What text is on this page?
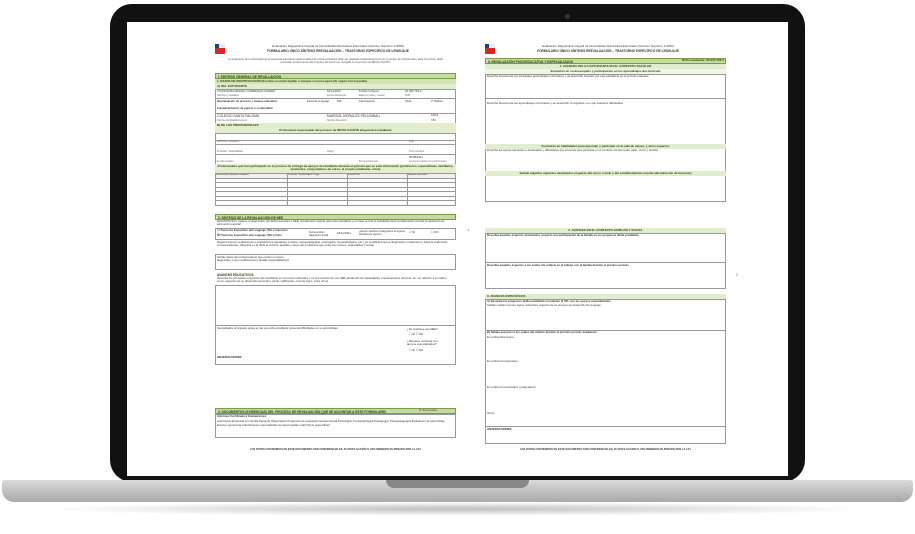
Evaluación Diagnóstica Integral de Necesidades Educativas Especiales (Decreto Supremo 170/09)
FORMULARIO ÚNICO SÍNTESIS REEVALUACIÓN – TRASTORNO ESPECÍFICO DE LENGUAJE
La evaluación de la efectividad de la respuesta educativa implementada para este/a estudiante debe ser realizada colaborativamente por el equipo de profesionales. Este formulario, debe consolidar la información del progreso del alumno/a, recogida en el proceso de REVALUACIÓN.
I. SÍNTESIS GENERAL DE REVALUACIÓN
1. DATOS DE IDENTIFICACIÓN (Escriba con letra legible o marque con una equis (X) según corresponda)
A) DEL ESTUDIANTE
CONSTANZA ARACELI CÁRDENAS LUCERO	16/11/2016	5 Años 5 Meses	26.255.763-0
Nombres y Apellidos	Fecha nacimiento	Edad (en años y meses)	RUN
Reevaluación de proceso o avance educativo	Escuela Lenguaje	PIE	Participación	2024	2° Básico
Fundamentación de egreso o continuidad
COLEGIO SANTA PALOMA	MARISOL MORALES PELUSINAU	100-8
Nombre del Establecimiento	Nombre Director/a	RBD
B) DE LOS PROFESIONALES
Profesional responsable del proceso de REVALUACIÓN integral del estudiante
Nombres y Apellidos	RUN
Profesión / Especialidad	Cargo	Fono contacto
05/08/2021
E-mail contacto	Firma profesional	Fecha de registro de la información
Profesionales que han participado en el proceso de entrega de apoyos al estudiante durante el período que se está informando (profesores, especialistas, familiares, asistentes, cooperadores de curso, el propio estudiante, otros)
Profesionales (Nombre completo)	Profesión / Especialidad / Cargo	Fono/E mail	Registro profesional

2. SÍNTESIS DE LA REVALUACIÓN DE NEE
DIAGNÓSTICO: Indique el diagnóstico del déficit asociado a NEE, actualmente vigente para este estudiante y en base al cual el estudiante tiene la adecuación escolar la asistencia de educación especial
☐ Trastorno Específico del Lenguaje (TEL) expresivo
☒ Trastorno Específico del Lenguaje (TEL) mixto
Fecha emisión diagnóstico actual
18/11/2021	¿Existen cambios al diagnóstico de ingreso actualmente vigente?
☐ SÍ	☐ NO
Registre breves evaluaciones o evaluaciones relevantes (médica, psicopedagógica, psicológica, fonoaudiológica, etc.) y/o modificaciones al diagnóstico o tratamiento. Adjunte evidencias correspondientes. (Registre en la tabla el nombre, apellido y cargo del profesional que emite los mismos, especialidad y fecha)
Señale datos del profesional(es) que emite/n el nuevo diagnóstico o sus modificaciones (detalle especialidad/es)
AVANCES EDUCATIVOS
Describa los principales progresos del estudiante en el proceso educativo y en la evolución de sus NEE (desarrollo de capacidades, reevaluaciones técnicas, etc. en relación a su edad y curso, aspectos de su desarrollo personal y social, calificación, nivel de logro, entre otros)
Necesidades principales áreas en las que el/la estudiante presenta dificultades en su aprendizaje	¿Se mantiene sus NEE?
☐ SÍ ☐ NO
¿Requiere continuar con apoyos especializados?
☐ SÍ ☐ NO
OBSERVACIONES:
3. DOCUMENTOS (EVIDENCIAS) DEL PROCESO DE REVALUACIÓN QUE SE ADJUNTAN A ESTE FORMULARIO	N° documentos
Informes/ Certificados/ Evaluaciones:
Anamnesis Entrevista con familia Pauta de Observación Protocolos de evaluación Escolar Social Psicológico Fonoaudiológica Pedagógico Psicopedagógica Evaluación de aprendizaje Examen general de salud Examen especializado de salud (señale cuál) Otro/s (especificar)
LOS DATOS CONTENIDOS EN ESTE DOCUMENTO SON CONFIDENCIALES, SU DIVULGACIÓN O USO INDEBIDO ES PENADO POR LA LEY
1
Evaluación Diagnóstica Integral de Necesidades Educativas Especiales (Decreto Supremo 170/09)
FORMULARIO ÚNICO SÍNTESIS REEVALUACIÓN – TRASTORNO ESPECÍFICO DE LENGUAJE
II. REVALUACIÓN PSICOEDUCATIVA Y ESPECIALIZADA	RUN estudiante: 26.255.763-0
1. AVANCES DEL/LA ESTUDIANTE EN EL CONTEXTO ESCOLAR
Evolución en su desempeño y participación en los aprendizajes del currículo
Describa brevemente los principales aprendizajes curriculares y de desarrollo logrados por este estudiante en el período evaluado
Describa brevemente los aprendizajes curriculares y de desarrollo no logrados o en que mantiene dificultades
Evolución en habilidades para aprender y participar en la sala de clases, y otros espacios
Describa las logros relevantes o destacados y dificultades que presenta para participar en el contexto escolar (aula, patio, otros) y familiar
Señale aquellos aspectos destacados respecto del curso o nivel y del establecimiento escolar (disminución de barreras)
2. AVANCES EN EL CONTEXTO FAMILIAR Y SOCIAL
Describa aquellos aspectos destacados respecto a la participación de la familia en los progresos del/la estudiante
Describa aquellos aspectos a los cuales dar énfasis en el trabajo con la familia durante el próximo período
3. AVANCES ESPECÍFICOS
A) Describa los progresos del/la estudiante en relación al TEL con los apoyos especializados
Señale cuándo ocurren logros relevantes respecto de su proceso de desarrollo del lenguaje
B) Señale aspectos a los cuales dar énfasis durante el próximo período académico
En el Nivel Expresivo:
En el Nivel Comprensivo:
En el Nivel Comunicativo ( pragmático):
Otros:
OBSERVACIONES:
LOS DATOS CONTENIDOS EN ESTE DOCUMENTO SON CONFIDENCIALES, SU DIVULGACIÓN O USO INDEBIDO ES PENADO POR LA LEY
2
